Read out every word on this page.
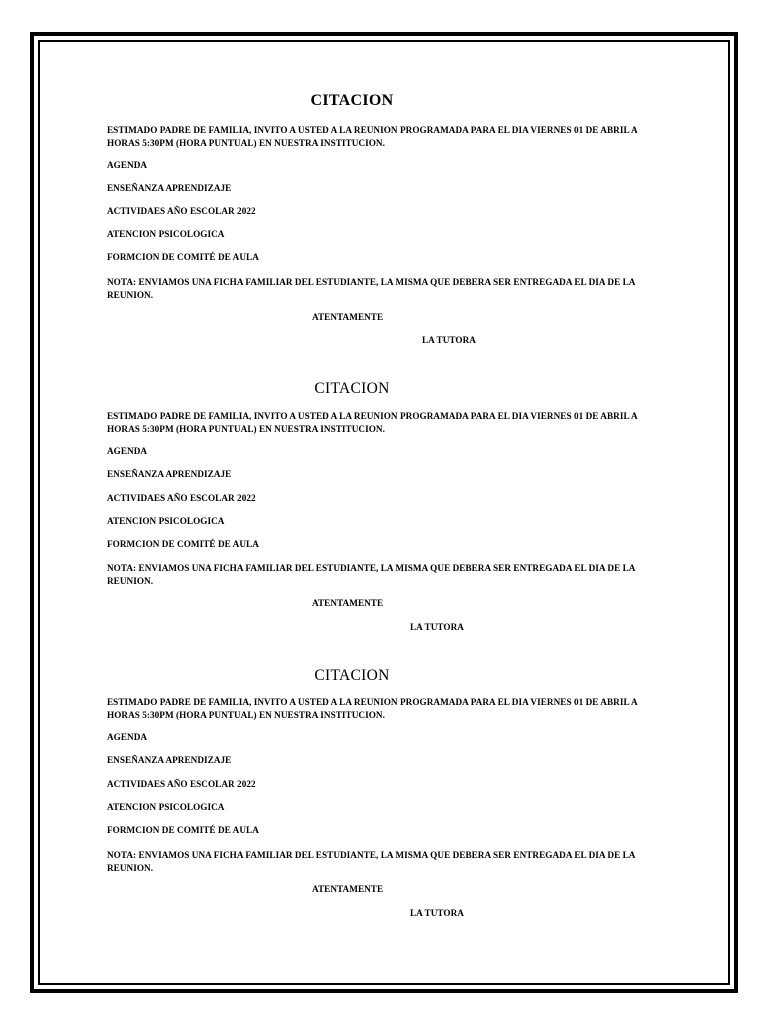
CITACION
ESTIMADO PADRE DE FAMILIA, INVITO A USTED A LA REUNION PROGRAMADA PARA EL DIA VIERNES 01 DE ABRIL A HORAS 5:30PM (HORA PUNTUAL) EN NUESTRA INSTITUCION.
AGENDA
ENSEÑANZA APRENDIZAJE
ACTIVIDAES AÑO ESCOLAR 2022
ATENCION PSICOLOGICA
FORMCION DE COMITÉ DE AULA
NOTA: ENVIAMOS UNA FICHA FAMILIAR DEL ESTUDIANTE, LA MISMA QUE DEBERA SER ENTREGADA EL DIA DE LA REUNION.
ATENTAMENTE
LA TUTORA
CITACION
ESTIMADO PADRE DE FAMILIA, INVITO A USTED A LA REUNION PROGRAMADA PARA EL DIA VIERNES 01 DE ABRIL A HORAS 5:30PM (HORA PUNTUAL) EN NUESTRA INSTITUCION.
AGENDA
ENSEÑANZA APRENDIZAJE
ACTIVIDAES AÑO ESCOLAR 2022
ATENCION PSICOLOGICA
FORMCION DE COMITÉ DE AULA
NOTA: ENVIAMOS UNA FICHA FAMILIAR DEL ESTUDIANTE, LA MISMA QUE DEBERA SER ENTREGADA EL DIA DE LA REUNION.
ATENTAMENTE
LA TUTORA
CITACION
ESTIMADO PADRE DE FAMILIA, INVITO A USTED A LA REUNION PROGRAMADA PARA EL DIA VIERNES 01 DE ABRIL A HORAS 5:30PM (HORA PUNTUAL) EN NUESTRA INSTITUCION.
AGENDA
ENSEÑANZA APRENDIZAJE
ACTIVIDAES AÑO ESCOLAR 2022
ATENCION PSICOLOGICA
FORMCION DE COMITÉ DE AULA
NOTA: ENVIAMOS UNA FICHA FAMILIAR DEL ESTUDIANTE, LA MISMA QUE DEBERA SER ENTREGADA EL DIA DE LA REUNION.
ATENTAMENTE
LA TUTORA
